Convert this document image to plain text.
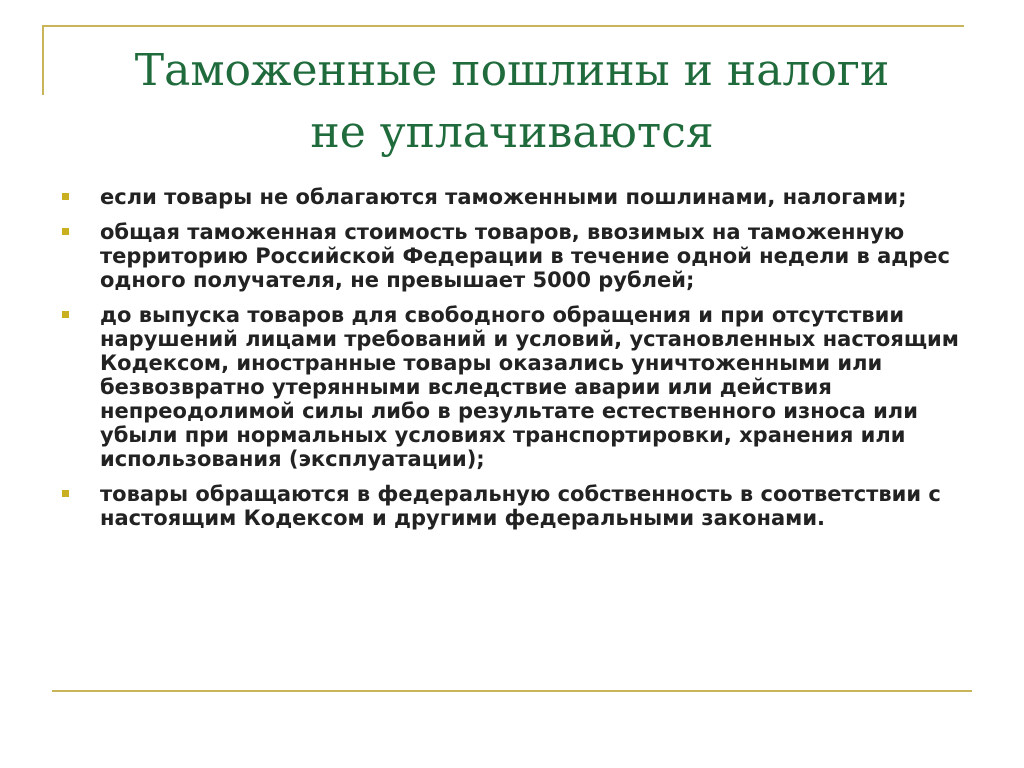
Таможенные пошлины и налоги
не уплачиваются
если товары не облагаются таможенными пошлинами, налогами;
общая таможенная стоимость товаров, ввозимых на таможенную территорию Российской Федерации в течение одной недели в адрес одного получателя, не превышает 5000 рублей;
до выпуска товаров для свободного обращения и при отсутствии нарушений лицами требований и условий, установленных настоящим Кодексом, иностранные товары оказались уничтоженными или безвозвратно утерянными вследствие аварии или действия непреодолимой силы либо в результате естественного износа или убыли при нормальных условиях транспортировки, хранения или использования (эксплуатации);
товары обращаются в федеральную собственность в соответствии с настоящим Кодексом и другими федеральными законами.
